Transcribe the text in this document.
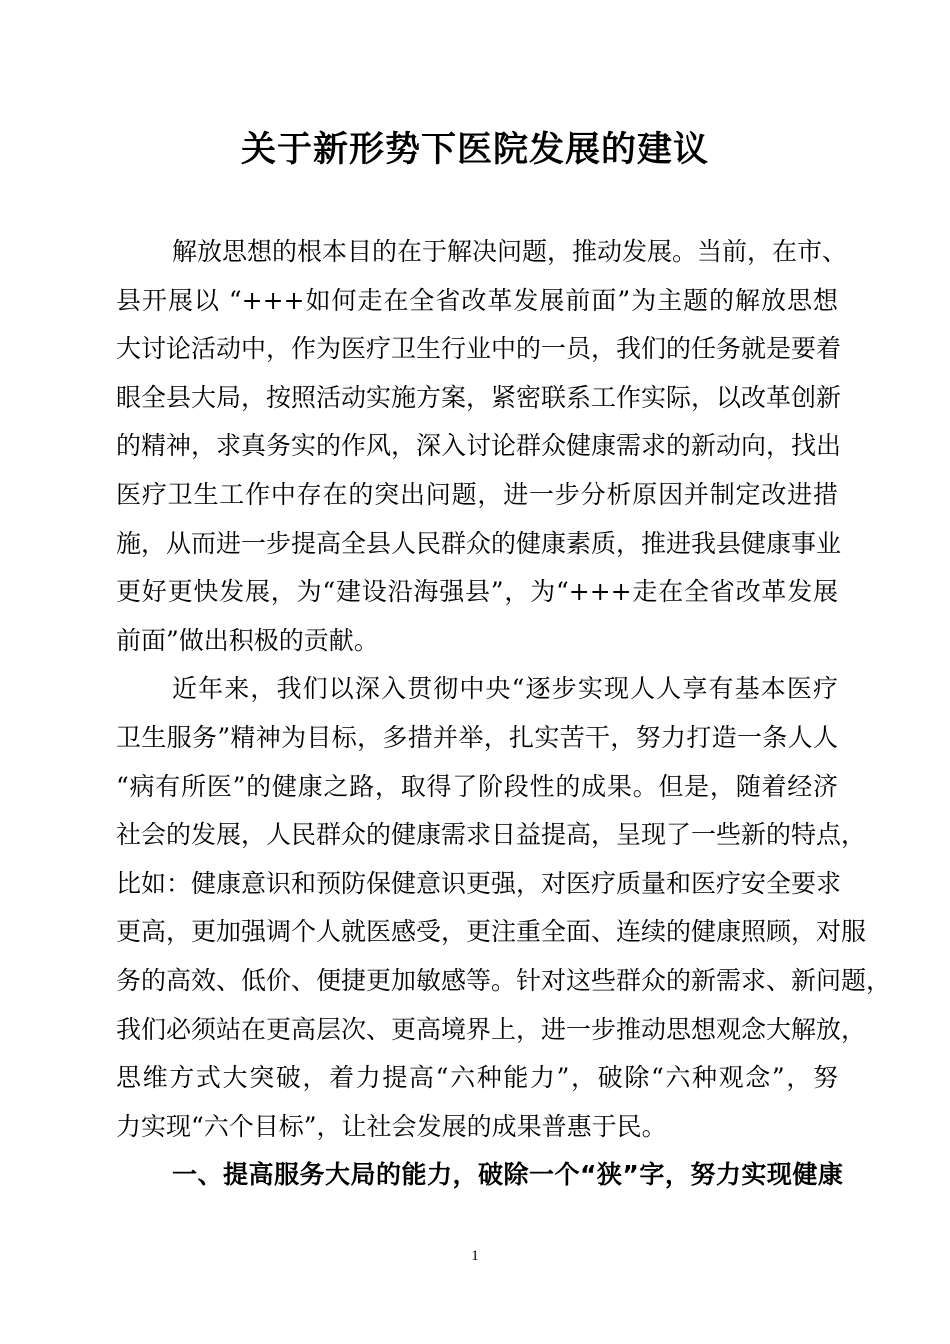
关于新形势下医院发展的建议
解放思想的根本目的在于解决问题，推动发展。当前，在市、
县开展以 “+++如何走在全省改革发展前面”为主题的解放思想
大讨论活动中，作为医疗卫生行业中的一员，我们的任务就是要着
眼全县大局，按照活动实施方案，紧密联系工作实际，以改革创新
的精神，求真务实的作风，深入讨论群众健康需求的新动向，找出
医疗卫生工作中存在的突出问题，进一步分析原因并制定改进措
施，从而进一步提高全县人民群众的健康素质，推进我县健康事业
更好更快发展，为“建设沿海强县”，为“+++走在全省改革发展
前面”做出积极的贡献。
近年来，我们以深入贯彻中央“逐步实现人人享有基本医疗
卫生服务”精神为目标，多措并举，扎实苦干，努力打造一条人人
“病有所医”的健康之路，取得了阶段性的成果。但是，随着经济
社会的发展，人民群众的健康需求日益提高，呈现了一些新的特点，
比如：健康意识和预防保健意识更强，对医疗质量和医疗安全要求
更高，更加强调个人就医感受，更注重全面、连续的健康照顾，对服
务的高效、低价、便捷更加敏感等。针对这些群众的新需求、新问题，
我们必须站在更高层次、更高境界上，进一步推动思想观念大解放，
思维方式大突破，着力提高“六种能力”，破除“六种观念”，努
力实现“六个目标”，让社会发展的成果普惠于民。
一、提高服务大局的能力，破除一个“狭”字，努力实现健康
1
